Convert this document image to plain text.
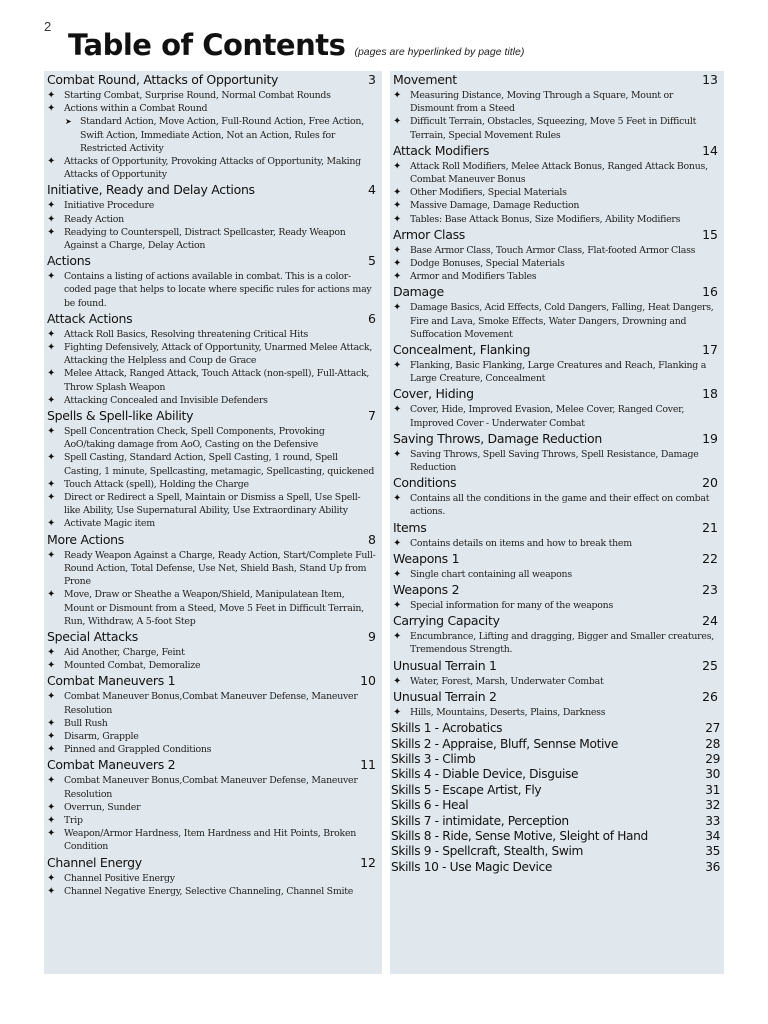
2
Table of Contents (pages are hyperlinked by page title)
Combat Round, Attacks of Opportunity	3
✦ Starting Combat, Surprise Round, Normal Combat Rounds
✦ Actions within a Combat Round
➤ Standard Action, Move Action, Full-Round Action, Free Action, Swift Action, Immediate Action, Not an Action, Rules for Restricted Activity
✦ Attacks of Opportunity, Provoking Attacks of Opportunity, Making Attacks of Opportunity
Initiative, Ready and Delay Actions	4
✦ Initiative Procedure
✦ Ready Action
✦ Readying to Counterspell, Distract Spellcaster, Ready Weapon Against a Charge, Delay Action
Actions	5
✦ Contains a listing of actions available in combat. This is a color-coded page that helps to locate where specific rules for actions may be found.
Attack Actions	6
✦ Attack Roll Basics, Resolving threatening Critical Hits
✦ Fighting Defensively, Attack of Opportunity, Unarmed Melee Attack, Attacking the Helpless and Coup de Grace
✦ Melee Attack, Ranged Attack, Touch Attack (non-spell), Full-Attack, Throw Splash Weapon
✦ Attacking Concealed and Invisible Defenders
Spells & Spell-like Ability	7
✦ Spell Concentration Check, Spell Components, Provoking AoO/taking damage from AoO, Casting on the Defensive
✦ Spell Casting, Standard Action, Spell Casting, 1 round, Spell Casting, 1 minute, Spellcasting, metamagic, Spellcasting, quickened
✦ Touch Attack (spell), Holding the Charge
✦ Direct or Redirect a Spell, Maintain or Dismiss a Spell, Use Spell-like Ability, Use Supernatural Ability, Use Extraordinary Ability
✦ Activate Magic item
More Actions	8
✦ Ready Weapon Against a Charge, Ready Action, Start/Complete Full-Round Action, Total Defense, Use Net, Shield Bash, Stand Up from Prone
✦ Move, Draw or Sheathe a Weapon/Shield, Manipulatean Item, Mount or Dismount from a Steed, Move 5 Feet in Difficult Terrain, Run, Withdraw, A 5-foot Step
Special Attacks	9
✦ Aid Another, Charge, Feint
✦ Mounted Combat, Demoralize
Combat Maneuvers 1	10
✦ Combat Maneuver Bonus,Combat Maneuver Defense, Maneuver Resolution
✦ Bull Rush
✦ Disarm, Grapple
✦ Pinned and Grappled Conditions
Combat Maneuvers 2	11
✦ Combat Maneuver Bonus,Combat Maneuver Defense, Maneuver Resolution
✦ Overrun, Sunder
✦ Trip
✦ Weapon/Armor Hardness, Item Hardness and Hit Points, Broken Condition
Channel Energy	12
✦ Channel Positive Energy
✦ Channel Negative Energy, Selective Channeling, Channel Smite
Movement	13
✦ Measuring Distance, Moving Through a Square, Mount or Dismount from a Steed
✦ Difficult Terrain, Obstacles, Squeezing, Move 5 Feet in Difficult Terrain, Special Movement Rules
Attack Modifiers	14
✦ Attack Roll Modifiers, Melee Attack Bonus, Ranged Attack Bonus, Combat Maneuver Bonus
✦ Other Modifiers, Special Materials
✦ Massive Damage, Damage Reduction
✦ Tables: Base Attack Bonus, Size Modifiers, Ability Modifiers
Armor Class	15
✦ Base Armor Class, Touch Armor Class, Flat-footed Armor Class
✦ Dodge Bonuses, Special Materials
✦ Armor and Modifiers Tables
Damage	16
✦ Damage Basics, Acid Effects, Cold Dangers, Falling, Heat Dangers, Fire and Lava, Smoke Effects, Water Dangers, Drowning and Suffocation Movement
Concealment, Flanking	17
✦ Flanking, Basic Flanking, Large Creatures and Reach, Flanking a Large Creature, Concealment
Cover, Hiding	18
✦ Cover, Hide, Improved Evasion, Melee Cover, Ranged Cover, Improved Cover - Underwater Combat
Saving Throws, Damage Reduction	19
✦ Saving Throws, Spell Saving Throws, Spell Resistance, Damage Reduction
Conditions	20
✦ Contains all the conditions in the game and their effect on combat actions.
Items	21
✦ Contains details on items and how to break them
Weapons 1	22
✦ Single chart containing all weapons
Weapons 2	23
✦ Special information for many of the weapons
Carrying Capacity	24
✦ Encumbrance, Lifting and dragging, Bigger and Smaller creatures, Tremendous Strength.
Unusual Terrain 1	25
✦ Water, Forest, Marsh, Underwater Combat
Unusual Terrain 2	26
✦ Hills, Mountains, Deserts, Plains, Darkness
Skills 1 - Acrobatics	27
Skills 2 - Appraise, Bluff, Sennse Motive	28
Skills 3 - Climb	29
Skills 4 - Diable Device, Disguise	30
Skills 5 - Escape Artist, Fly	31
Skills 6 - Heal	32
Skills 7 - intimidate, Perception	33
Skills 8 - Ride, Sense Motive, Sleight of Hand	34
Skills 9 - Spellcraft, Stealth, Swim	35
Skills 10 - Use Magic Device	36
